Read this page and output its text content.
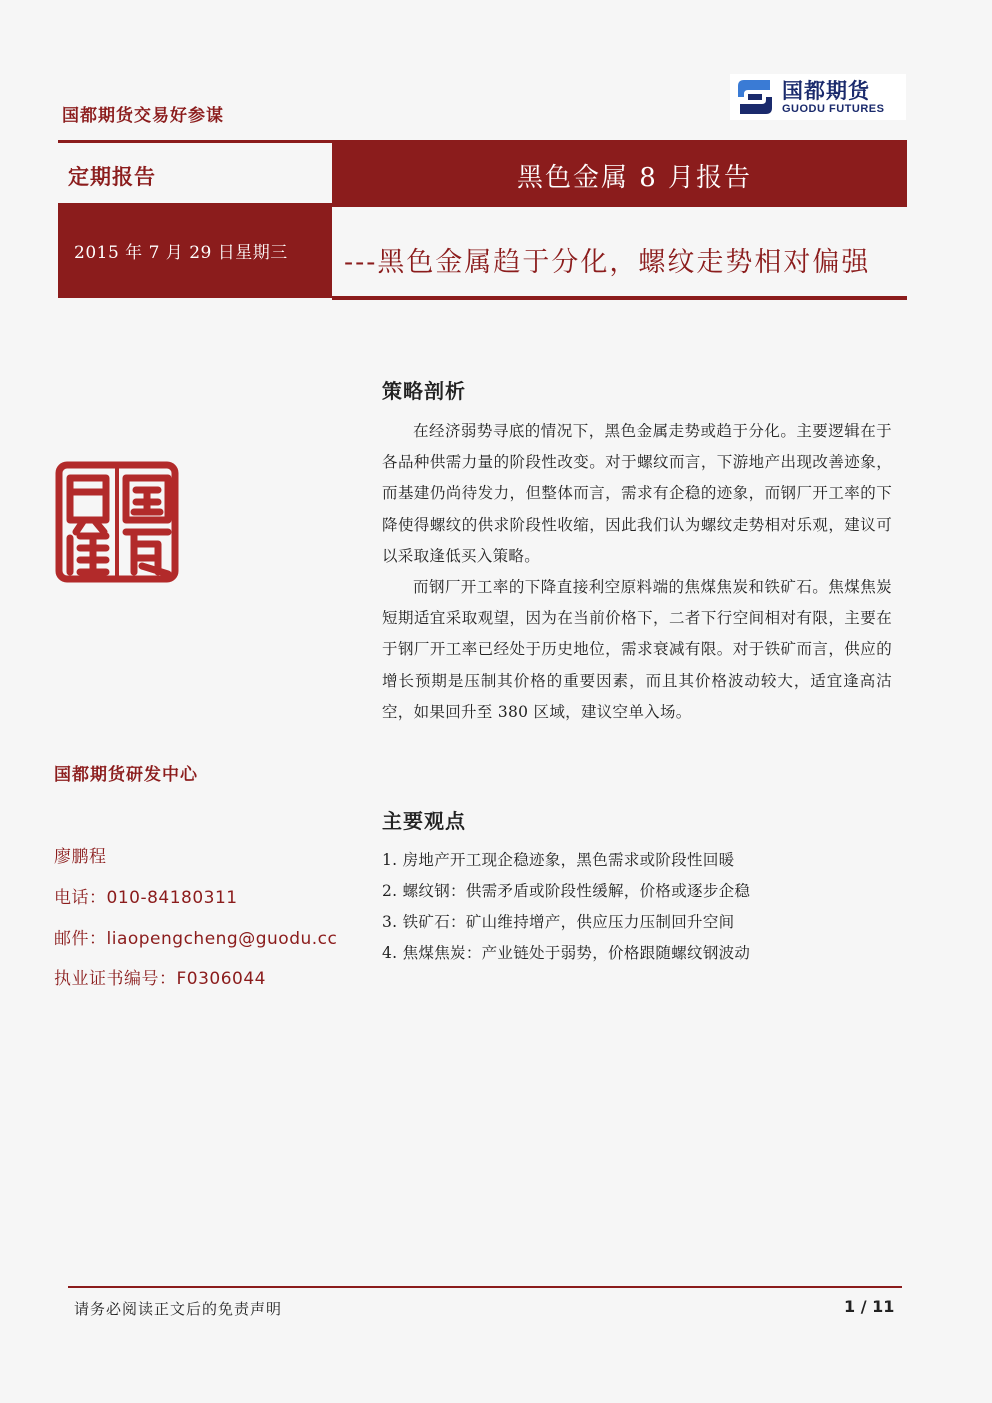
国都期货交易好参谋
国都期货
GUODU FUTURES
定期报告	黑色金属 8 月报告
2015 年 7 月 29 日星期三 ---黑色金属趋于分化，螺纹走势相对偏强
策略剖析

在经济弱势寻底的情况下，黑色金属走势或趋于分化。主要逻辑在于各品种供需力量的阶段性改变。对于螺纹而言，下游地产出现改善迹象，而基建仍尚待发力，但整体而言，需求有企稳的迹象，而钢厂开工率的下降使得螺纹的供求阶段性收缩，因此我们认为螺纹走势相对乐观，建议可以采取逢低买入策略。

而钢厂开工率的下降直接利空原料端的焦煤焦炭和铁矿石。焦煤焦炭短期适宜采取观望，因为在当前价格下，二者下行空间相对有限，主要在于钢厂开工率已经处于历史地位，需求衰减有限。对于铁矿而言，供应的增长预期是压制其价格的重要因素，而且其价格波动较大，适宜逢高沽空，如果回升至 380 区域，建议空单入场。

主要观点
1. 房地产开工现企稳迹象，黑色需求或阶段性回暖
2. 螺纹钢：供需矛盾或阶段性缓解，价格或逐步企稳
3. 铁矿石：矿山维持增产，供应压力压制回升空间
4. 焦煤焦炭：产业链处于弱势，价格跟随螺纹钢波动
国都期货研发中心
廖鹏程
电话：010-84180311
邮件：liaopengcheng@guodu.cc
执业证书编号：F0306044
请务必阅读正文后的免责声明	1 / 11
